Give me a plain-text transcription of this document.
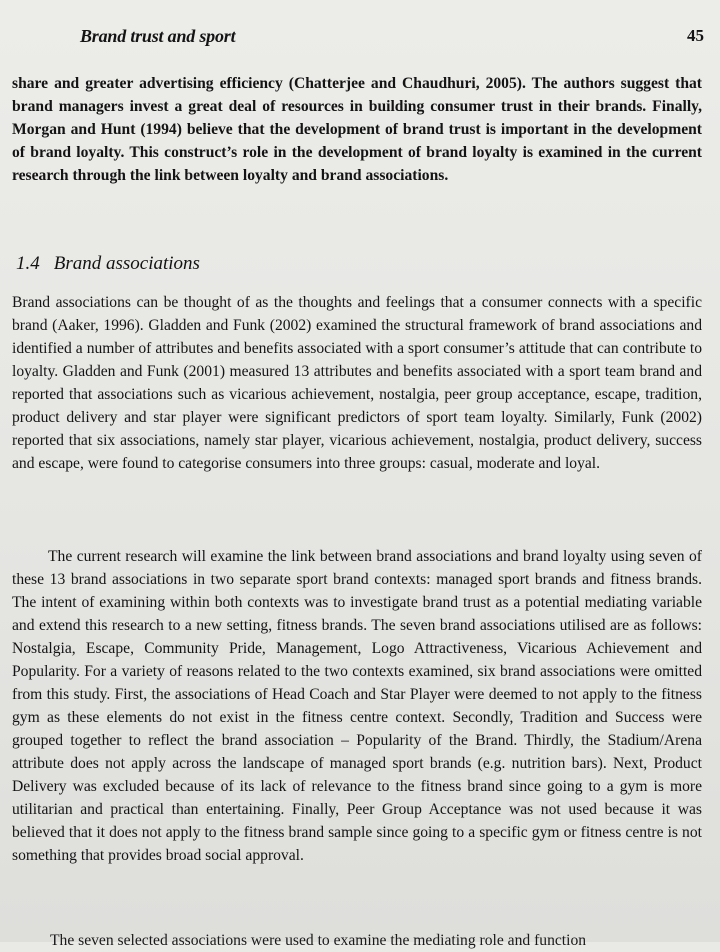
Brand trust and sport	45

share and greater advertising efficiency (Chatterjee and Chaudhuri, 2005). The authors suggest that brand managers invest a great deal of resources in building consumer trust in their brands. Finally, Morgan and Hunt (1994) believe that the development of brand trust is important in the development of brand loyalty. This construct’s role in the development of brand loyalty is examined in the current research through the link between loyalty and brand associations.

1.4 Brand associations

Brand associations can be thought of as the thoughts and feelings that a consumer connects with a specific brand (Aaker, 1996). Gladden and Funk (2002) examined the structural framework of brand associations and identified a number of attributes and benefits associated with a sport consumer’s attitude that can contribute to loyalty. Gladden and Funk (2001) measured 13 attributes and benefits associated with a sport team brand and reported that associations such as vicarious achievement, nostalgia, peer group acceptance, escape, tradition, product delivery and star player were significant predictors of sport team loyalty. Similarly, Funk (2002) reported that six associations, namely star player, vicarious achievement, nostalgia, product delivery, success and escape, were found to categorise consumers into three groups: casual, moderate and loyal.

The current research will examine the link between brand associations and brand loyalty using seven of these 13 brand associations in two separate sport brand contexts: managed sport brands and fitness brands. The intent of examining within both contexts was to investigate brand trust as a potential mediating variable and extend this research to a new setting, fitness brands. The seven brand associations utilised are as follows: Nostalgia, Escape, Community Pride, Management, Logo Attractiveness, Vicarious Achievement and Popularity. For a variety of reasons related to the two contexts examined, six brand associations were omitted from this study. First, the associations of Head Coach and Star Player were deemed to not apply to the fitness gym as these elements do not exist in the fitness centre context. Secondly, Tradition and Success were grouped together to reflect the brand association – Popularity of the Brand. Thirdly, the Stadium/Arena attribute does not apply across the landscape of managed sport brands (e.g. nutrition bars). Next, Product Delivery was excluded because of its lack of relevance to the fitness brand since going to a gym is more utilitarian and practical than entertaining. Finally, Peer Group Acceptance was not used because it was believed that it does not apply to the fitness brand sample since going to a specific gym or fitness centre is not something that provides broad social approval.

The seven selected associations were used to examine the mediating role and function
